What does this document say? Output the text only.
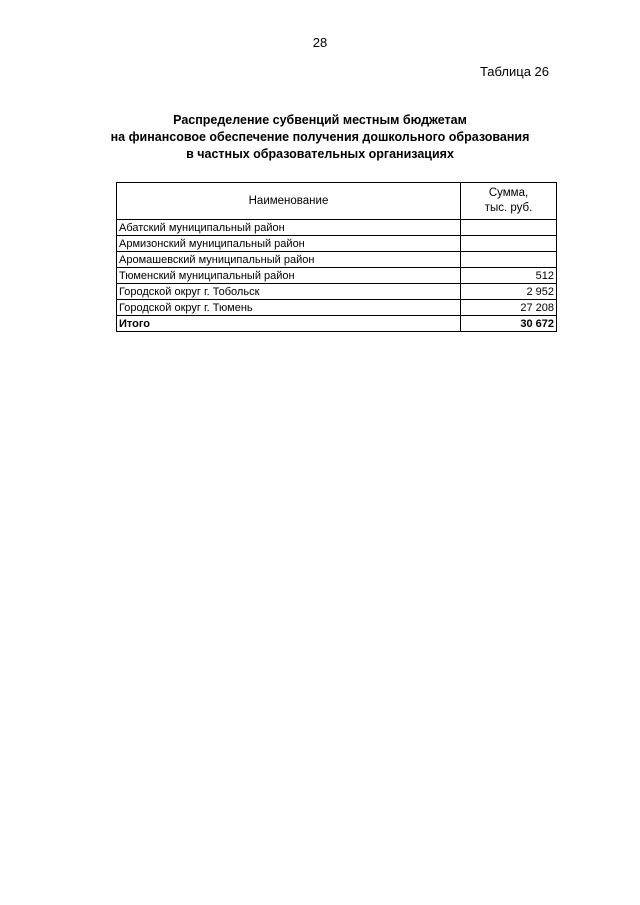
28
Таблица 26
Распределение субвенций местным бюджетам
на финансовое обеспечение получения дошкольного образования
в частных образовательных организациях
Наименование	Сумма,
тыс. руб.
Абатский муниципальный район	
Армизонский муниципальный район	
Аромашевский муниципальный район	
Тюменский муниципальный район	512
Городской округ г. Тобольск	2 952
Городской округ г. Тюмень	27 208
Итого	30 672
